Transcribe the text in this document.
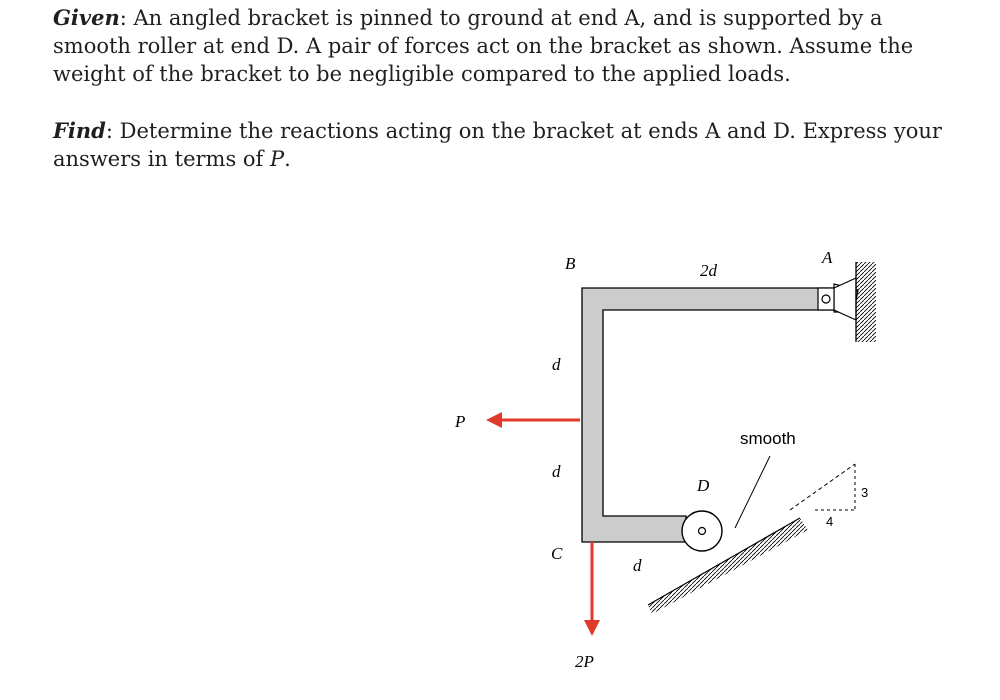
Given: An angled bracket is pinned to ground at end A, and is supported by a smooth roller at end D. A pair of forces act on the bracket as shown. Assume the weight of the bracket to be negligible compared to the applied loads.
Find: Determine the reactions acting on the bracket at ends A and D. Express your answers in terms of P.
3
4
B	2d
A
d
P
smooth
d
D
C
d
2P
